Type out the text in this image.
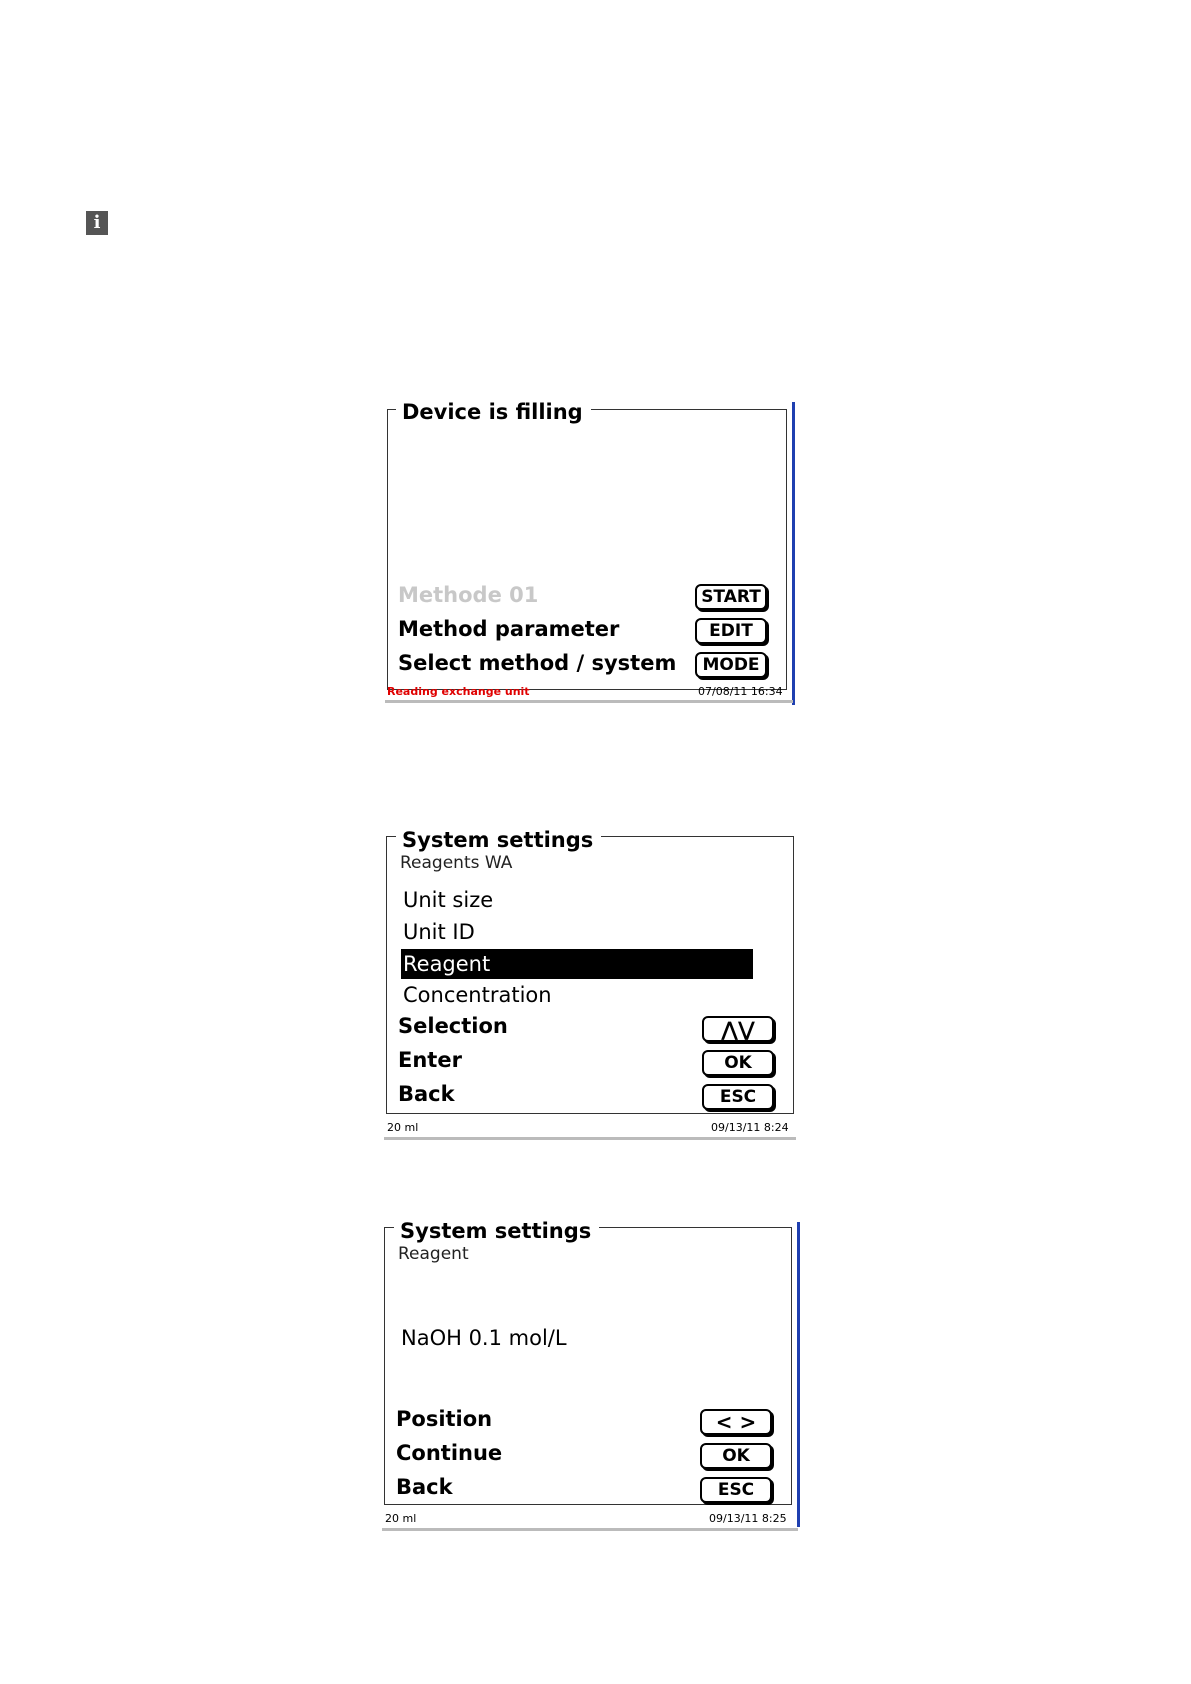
i
Device is filling
Methode 01	START
Method parameter	EDIT
Select method / system	MODE
Reading exchange unit	07/08/11 16:34
System settings
Reagents WA
Unit size
Unit ID
Reagent
Concentration
Selection	⋀⋁
Enter	OK
Back	ESC
20 ml	09/13/11 8:24
System settings
Reagent
NaOH 0.1 mol/L
Position	< >
Continue	OK
Back	ESC
20 ml	09/13/11 8:25
